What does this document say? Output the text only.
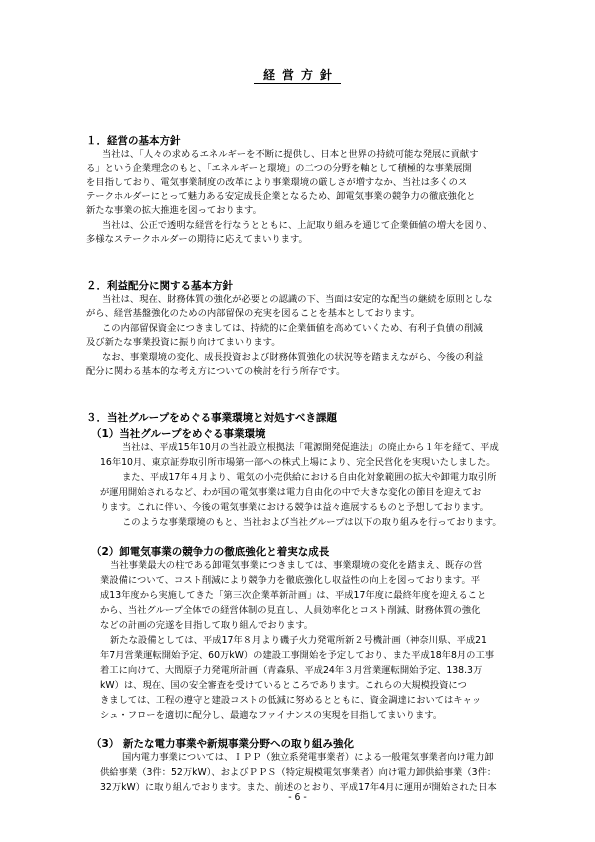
経営方針
１．経営の基本方針
当社は、「人々の求めるエネルギーを不断に提供し、日本と世界の持続可能な発展に貢献す
る」という企業理念のもと、「エネルギーと環境」の二つの分野を軸として積極的な事業展開
を目指しており、電気事業制度の改革により事業環境の厳しさが増すなか、当社は多くのス
テークホルダーにとって魅力ある安定成長企業となるため、卸電気事業の競争力の徹底強化と
新たな事業の拡大推進を図っております。
当社は、公正で透明な経営を行なうとともに、上記取り組みを通じて企業価値の増大を図り、
多様なステークホルダーの期待に応えてまいります。
２．利益配分に関する基本方針
当社は、現在、財務体質の強化が必要との認識の下、当面は安定的な配当の継続を原則としな
がら、経営基盤強化のための内部留保の充実を図ることを基本としております。
この内部留保資金につきましては、持続的に企業価値を高めていくため、有利子負債の削減
及び新たな事業投資に振り向けてまいります。
なお、事業環境の変化、成長投資および財務体質強化の状況等を踏まえながら、今後の利益
配分に関わる基本的な考え方についての検討を行う所存です。
３．当社グループをめぐる事業環境と対処すべき課題
（1）当社グループをめぐる事業環境
当社は、平成15年10月の当社設立根拠法「電源開発促進法」の廃止から１年を経て、平成
16年10月、東京証券取引所市場第一部への株式上場により、完全民営化を実現いたしました。
また、平成17年４月より、電気の小売供給における自由化対象範囲の拡大や卸電力取引所
が運用開始されるなど、わが国の電気事業は電力自由化の中で大きな変化の節目を迎えてお
ります。これに伴い、今後の電気事業における競争は益々進展するものと予想しております。
このような事業環境のもと、当社および当社グループは以下の取り組みを行っております。
（2）卸電気事業の競争力の徹底強化と着実な成長
当社事業最大の柱である卸電気事業につきましては、事業環境の変化を踏まえ、既存の営
業設備について、コスト削減により競争力を徹底強化し収益性の向上を図っております。平
成13年度から実施してきた「第三次企業革新計画」は、平成17年度に最終年度を迎えること
から、当社グループ全体での経営体制の見直し、人員効率化とコスト削減、財務体質の強化
などの計画の完遂を目指して取り組んでおります。
新たな設備としては、平成17年８月より磯子火力発電所新２号機計画（神奈川県、平成21
年7月営業運転開始予定、60万kW）の建設工事開始を予定しており、また平成18年8月の工事
着工に向けて、大間原子力発電所計画（青森県、平成24年３月営業運転開始予定、138.3万
kW）は、現在、国の安全審査を受けているところであります。これらの大規模投資につ
きましては、工程の遵守と建設コストの低減に努めるとともに、資金調達においてはキャッ
シュ・フローを適切に配分し、最適なファイナンスの実現を目指してまいります。
（3） 新たな電力事業や新規事業分野への取り組み強化
国内電力事業については、ＩＰＰ（独立系発電事業者）による一般電気事業者向け電力卸
供給事業（3件：52万kW）、およびＰＰＳ（特定規模電気事業者）向け電力卸供給事業（3件：
32万kW）に取り組んでおります。また、前述のとおり、平成17年4月に運用が開始された日本
- 6 -
